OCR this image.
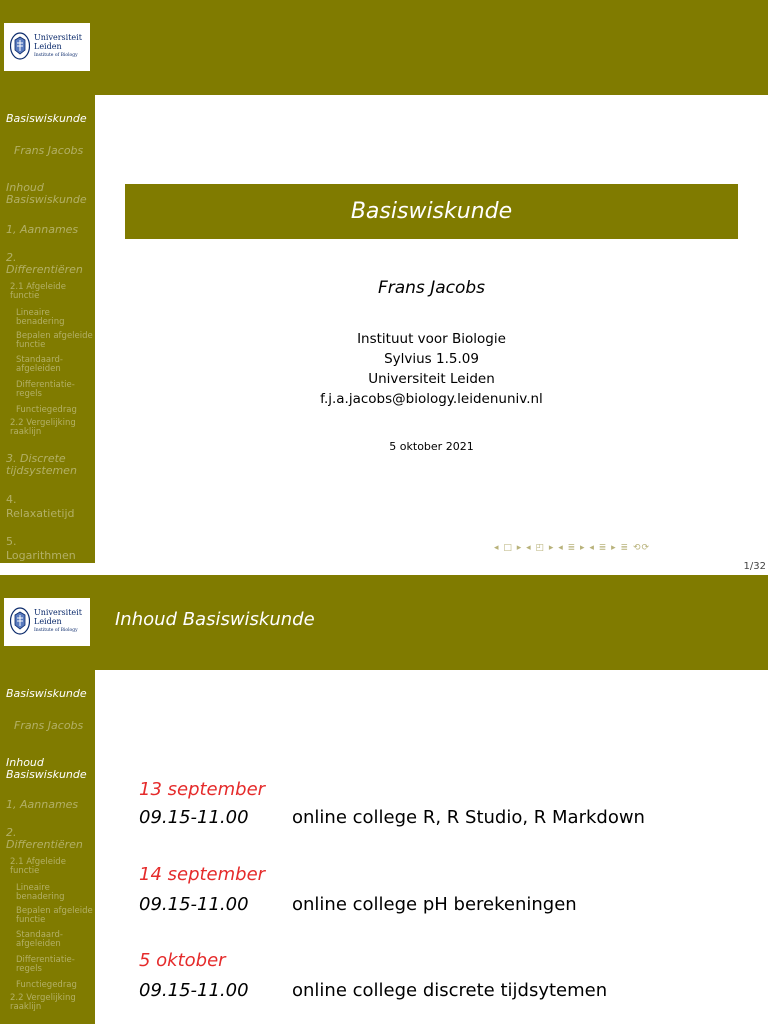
Universiteit
Leiden
Institute of Biology
Basiswiskunde
Frans Jacobs
Inhoud Basiswiskunde
1, Aannames
2.
Differentiëren
2.1 Afgeleide functie
Lineaire benadering
Bepalen afgeleide functie
Standaard-afgeleiden
Differentiatie-regels
Functiegedrag
2.2 Vergelijking raaklijn
3. Discrete tijdsystemen
4.
Relaxatietijd
5.
Logarithmen
Basiswiskunde
Frans Jacobs
Instituut voor Biologie
Sylvius 1.5.09
Universiteit Leiden
f.j.a.jacobs@biology.leidenuniv.nl
5 oktober 2021
◂ □ ▸ ◂ ◰ ▸ ◂ ≣ ▸ ◂ ≣ ▸ ≣ ⟲⟳
1/32
Universiteit
Leiden
Institute of Biology
Inhoud Basiswiskunde
Basiswiskunde
Frans Jacobs
Inhoud Basiswiskunde
1, Aannames
2.
Differentiëren
2.1 Afgeleide functie
Lineaire benadering
Bepalen afgeleide functie
Standaard-afgeleiden
Differentiatie-regels
Functiegedrag
2.2 Vergelijking raaklijn
13 september
09.15-11.00 online college R, R Studio, R Markdown
14 september
09.15-11.00 online college pH berekeningen
5 oktober
09.15-11.00 online college discrete tijdsytemen
